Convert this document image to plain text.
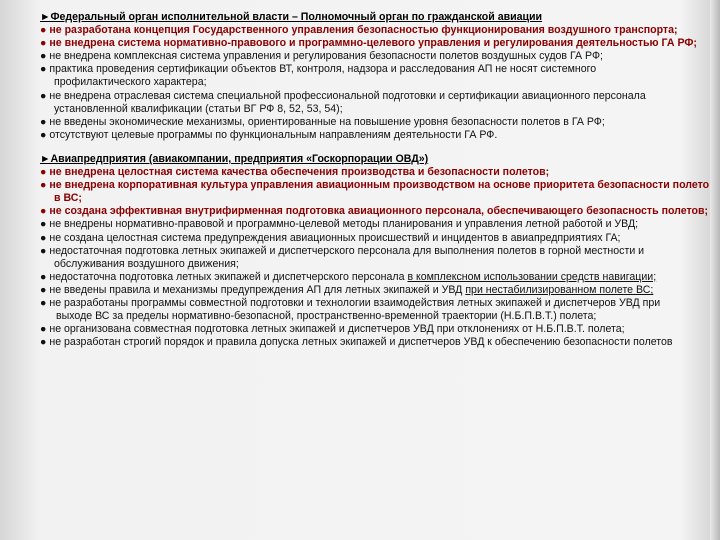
►Федеральный орган исполнительной власти – Полномочный орган по гражданской авиации
● не разработана концепция Государственного управления безопасностью функционирования воздушного транспорта;
● не внедрена система нормативно-правового и программно-целевого управления и регулирования деятельностью ГА РФ;
● не внедрена комплексная система управления и регулирования безопасности полетов воздушных судов ГА РФ;
● практика проведения сертификации объектов ВТ, контроля, надзора и расследования АП не носят системного
профилактического характера;
● не внедрена отраслевая система специальной профессиональной подготовки и сертификации авиационного персонала
установленной квалификации (статьи ВГ РФ 8, 52, 53, 54);
● не введены экономические механизмы, ориентированные на повышение уровня безопасности полетов в ГА РФ;
● отсутствуют целевые программы по функциональным направлениям деятельности ГА РФ.
►Авиапредприятия (авиакомпании, предприятия «Госкорпорации ОВД»)
● не внедрена целостная система качества обеспечения производства и безопасности полетов;
● не внедрена корпоративная культура управления авиационным производством на основе приоритета безопасности полето
в ВС;
● не создана эффективная внутрифирменная подготовка авиационного персонала, обеспечивающего безопасность полетов;
● не внедрены нормативно-правовой и программно-целевой методы планирования и управления летной работой и УВД;
● не создана целостная система предупреждения авиационных происшествий и инцидентов в авиапредприятиях ГА;
● недостаточная подготовка летных экипажей и диспетчерского персонала для выполнения полетов в горной местности и
обслуживания воздушного движения;
● недостаточна подготовка летных экипажей и диспетчерского персонала в комплексном использовании средств навигации;
● не введены правила и механизмы предупреждения АП для летных экипажей и УВД при нестабилизированном полете ВС;
● не разработаны программы совместной подготовки и технологии взаимодействия летных экипажей и диспетчеров УВД при
выходе ВС за пределы нормативно-безопасной, пространственно-временной траектории (Н.Б.П.В.Т.) полета;
● не организована совместная подготовка летных экипажей и диспетчеров УВД при отклонениях от Н.Б.П.В.Т. полета;
● не разработан строгий порядок и правила допуска летных экипажей и диспетчеров УВД к обеспечению безопасности полетов
